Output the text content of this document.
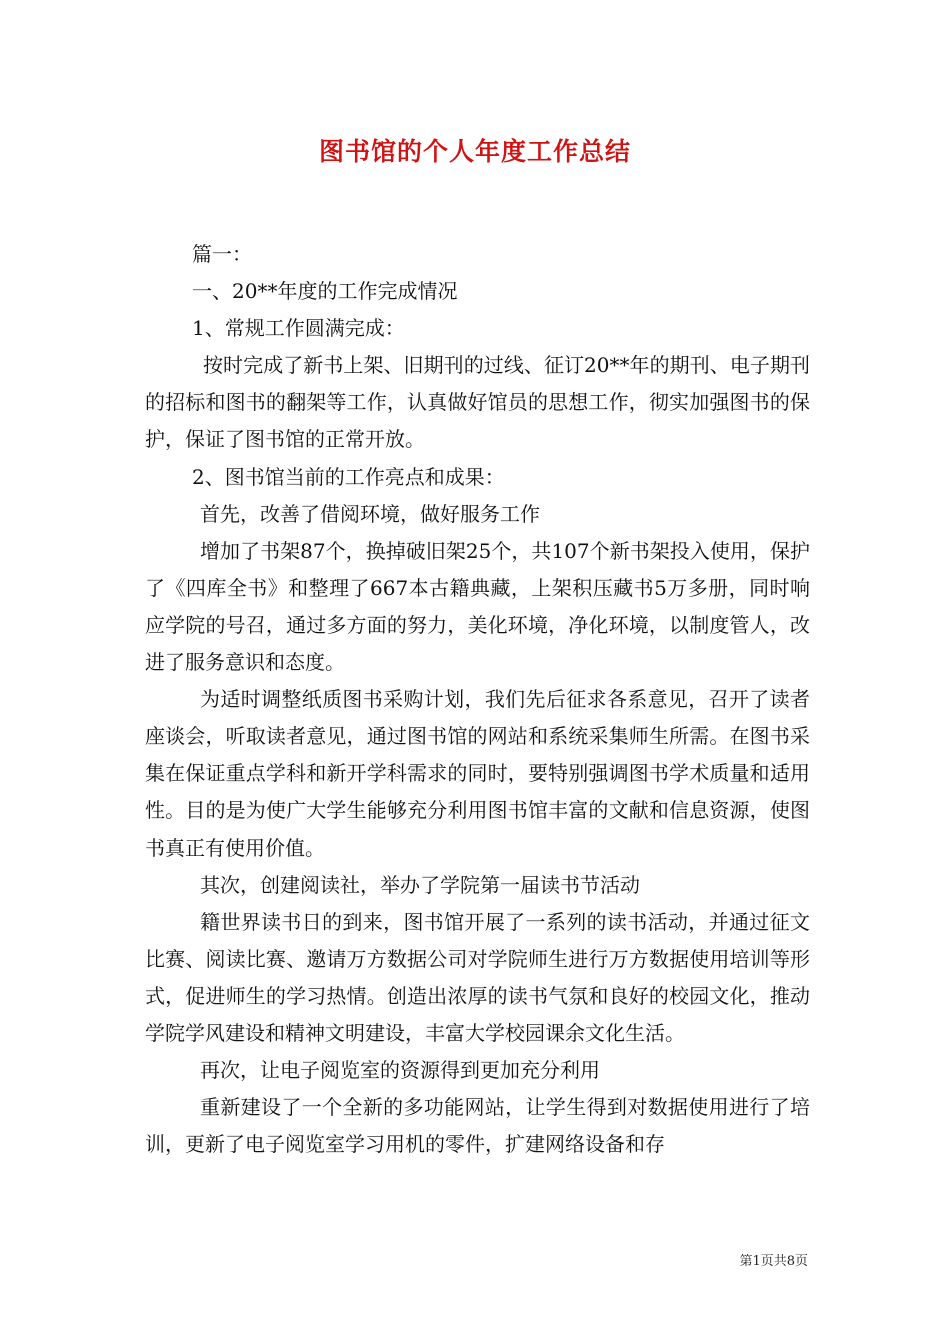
图书馆的个人年度工作总结

篇一：

一、20**年度的工作完成情况

1、常规工作圆满完成：

按时完成了新书上架、旧期刊的过线、征订20**年的期刊、电子期刊的招标和图书的翻架等工作，认真做好馆员的思想工作，彻实加强图书的保护，保证了图书馆的正常开放。

2、图书馆当前的工作亮点和成果：

首先，改善了借阅环境，做好服务工作

增加了书架87个，换掉破旧架25个，共107个新书架投入使用，保护了《四库全书》和整理了667本古籍典藏，上架积压藏书5万多册，同时响应学院的号召，通过多方面的努力，美化环境，净化环境，以制度管人，改进了服务意识和态度。

为适时调整纸质图书采购计划，我们先后征求各系意见，召开了读者座谈会，听取读者意见，通过图书馆的网站和系统采集师生所需。在图书采集在保证重点学科和新开学科需求的同时，要特别强调图书学术质量和适用性。目的是为使广大学生能够充分利用图书馆丰富的文献和信息资源，使图书真正有使用价值。

其次，创建阅读社，举办了学院第一届读书节活动

籍世界读书日的到来，图书馆开展了一系列的读书活动，并通过征文比赛、阅读比赛、邀请万方数据公司对学院师生进行万方数据使用培训等形式，促进师生的学习热情。创造出浓厚的读书气氛和良好的校园文化，推动学院学风建设和精神文明建设，丰富大学校园课余文化生活。

再次，让电子阅览室的资源得到更加充分利用

重新建设了一个全新的多功能网站，让学生得到对数据使用进行了培训，更新了电子阅览室学习用机的零件，扩建网络设备和存

第1页共8页
